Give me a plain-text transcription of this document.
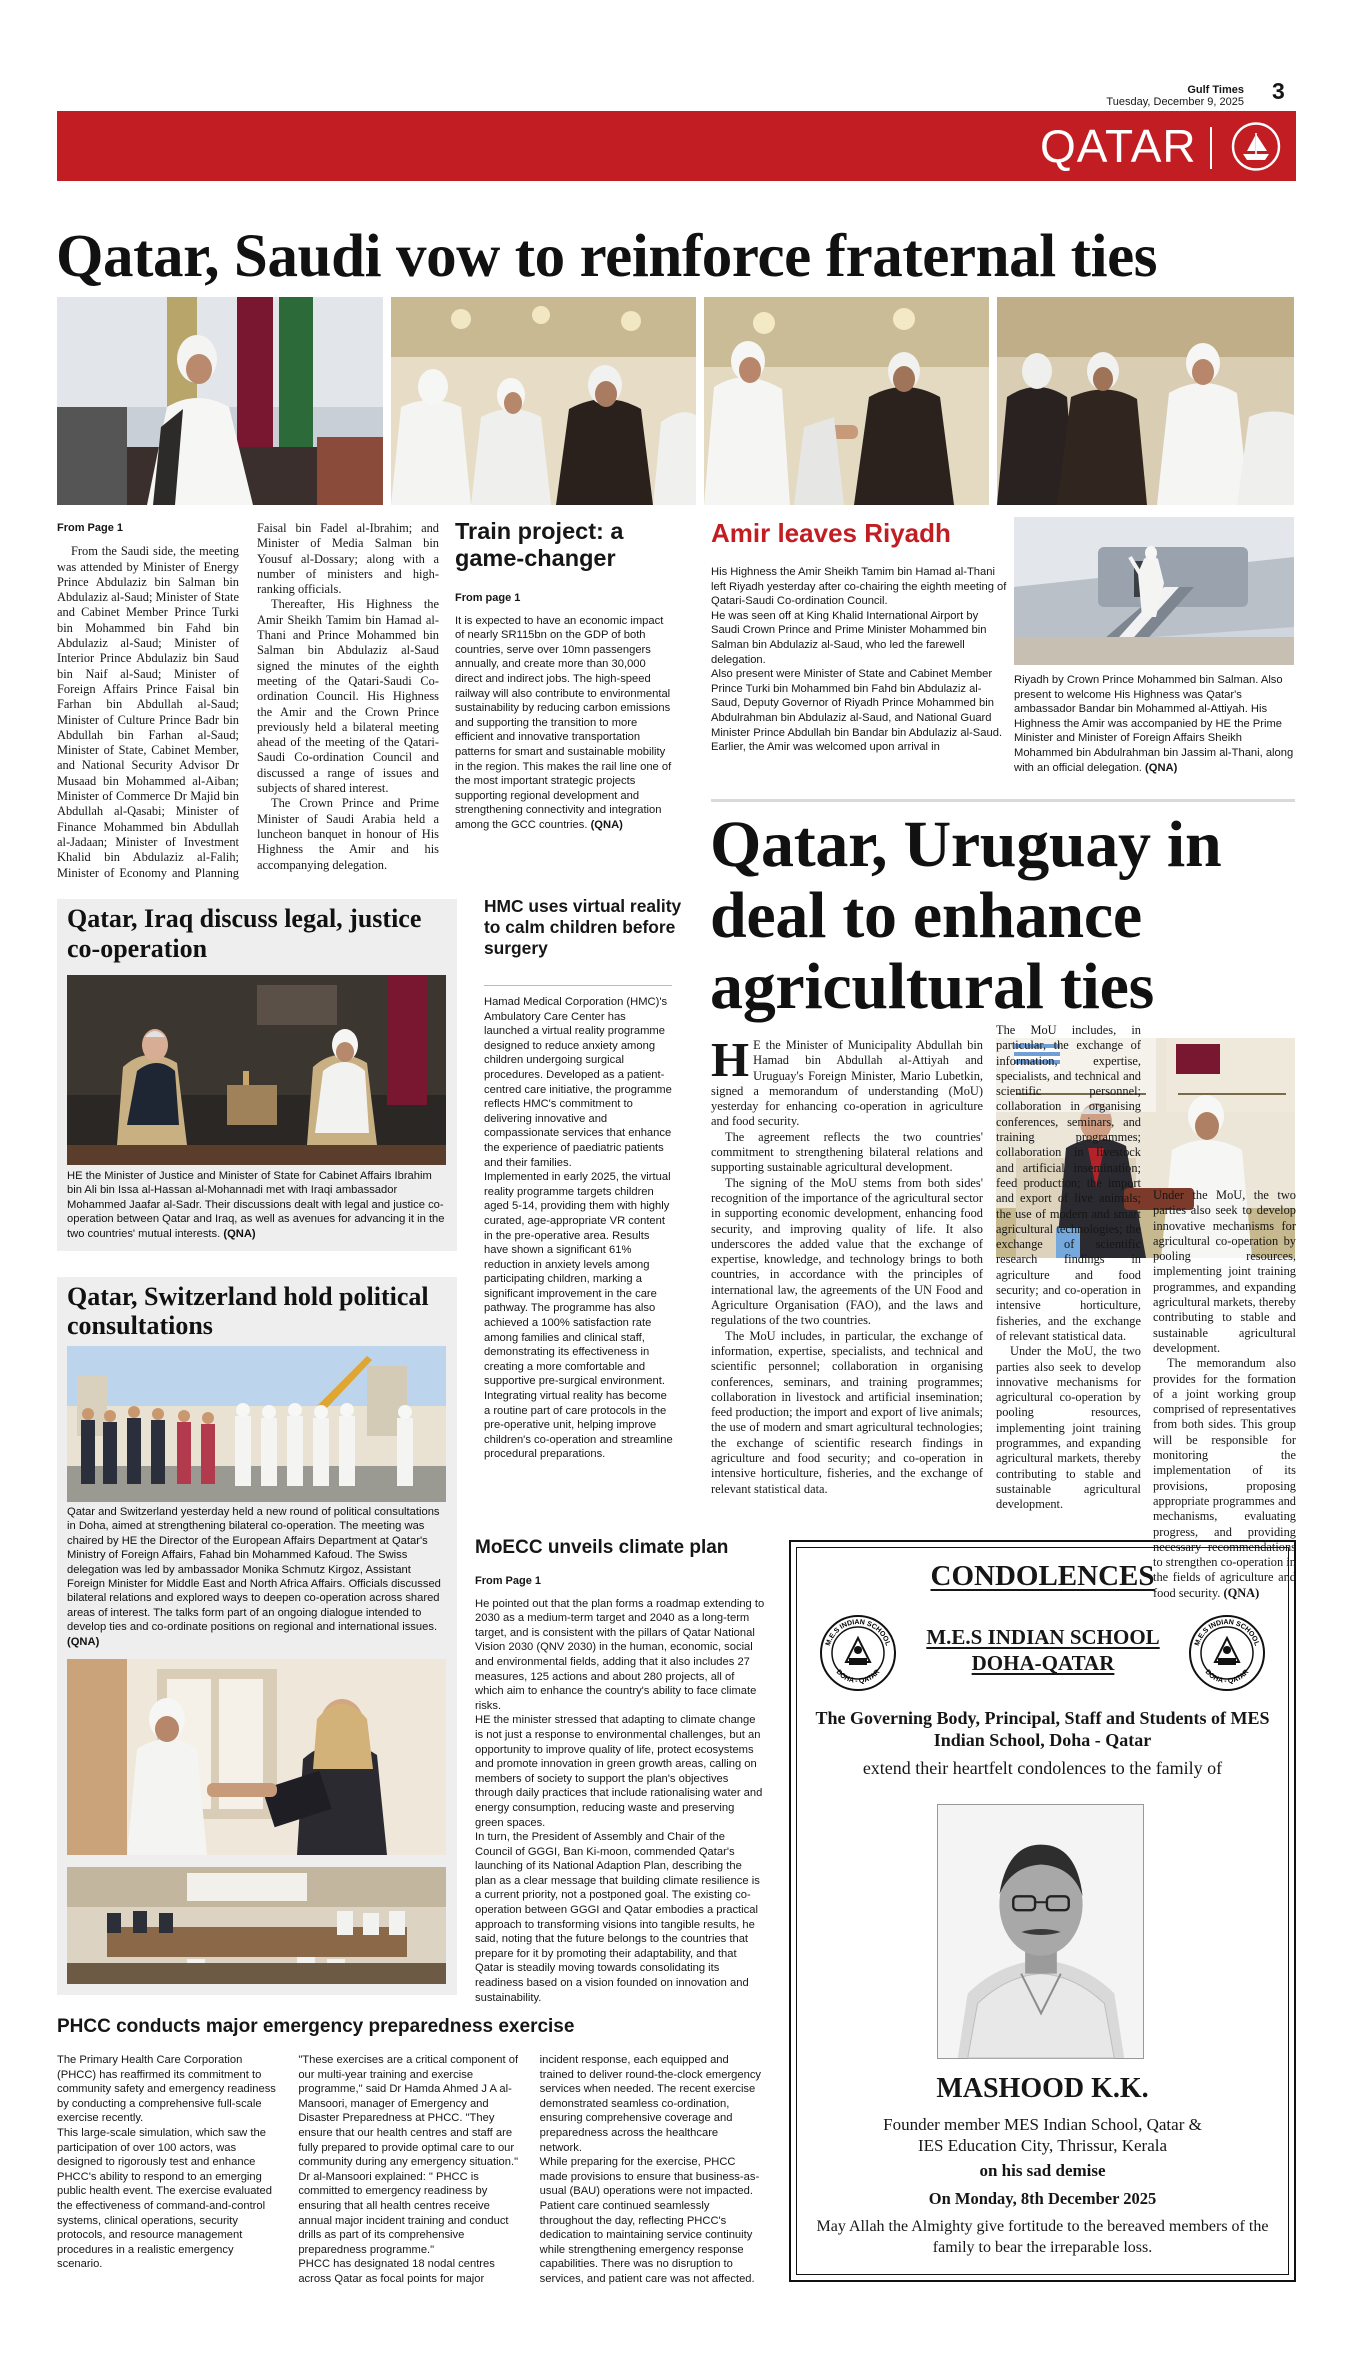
Gulf Times
Tuesday, December 9, 2025 3
QATAR
Qatar, Saudi vow to reinforce fraternal ties
From Page 1

From the Saudi side, the meeting was attended by Minister of Energy Prince Abdulaziz bin Salman bin Abdulaziz al-Saud; Minister of State and Cabinet Member Prince Turki bin Mohammed bin Fahd bin Abdulaziz al-Saud; Minister of Interior Prince Abdulaziz bin Saud bin Naif al-Saud; Minister of Foreign Affairs Prince Faisal bin Farhan bin Abdullah al-Saud; Minister of Culture Prince Badr bin Abdullah bin Farhan al-Saud; Minister of State, Cabinet Member, and National Security Advisor Dr Musaad bin Mohammed al-Aiban; Minister of Commerce Dr Majid bin Abdullah al-Qasabi; Minister of Finance Mohammed bin Abdullah al-Jadaan; Minister of Investment Khalid bin Abdulaziz al-Falih; Minister of Economy and Planning Faisal bin Fadel al-Ibrahim; and Minister of Media Salman bin Yousuf al-Dossary; along with a number of ministers and high-ranking officials.

Thereafter, His Highness the Amir Sheikh Tamim bin Hamad al-Thani and Prince Mohammed bin Salman bin Abdulaziz al-Saud signed the minutes of the eighth meeting of the Qatari-Saudi Co-ordination Council. His Highness the Amir and the Crown Prince previously held a bilateral meeting ahead of the meeting of the Qatari-Saudi Co-ordination Council and discussed a range of issues and subjects of shared interest.

The Crown Prince and Prime Minister of Saudi Arabia held a luncheon banquet in honour of His Highness the Amir and his accompanying delegation.

Train project: a game-changer
From page 1
It is expected to have an economic impact of nearly SR115bn on the GDP of both countries, serve over 10mn passengers annually, and create more than 30,000 direct and indirect jobs. The high-speed railway will also contribute to environmental sustainability by reducing carbon emissions and supporting the transition to more efficient and innovative transportation patterns for smart and sustainable mobility in the region. This makes the rail line one of the most important strategic projects supporting regional development and strengthening connectivity and integration among the GCC countries. (QNA)
Amir leaves Riyadh
His Highness the Amir Sheikh Tamim bin Hamad al-Thani left Riyadh yesterday after co-chairing the eighth meeting of Qatari-Saudi Co-ordination Council.
He was seen off at King Khalid International Airport by Saudi Crown Prince and Prime Minister Mohammed bin Salman bin Abdulaziz al-Saud, who led the farewell delegation.
Also present were Minister of State and Cabinet Member Prince Turki bin Mohammed bin Fahd bin Abdulaziz al-Saud, Deputy Governor of Riyadh Prince Mohammed bin Abdulrahman bin Abdulaziz al-Saud, and National Guard Minister Prince Abdullah bin Bandar bin Abdulaziz al-Saud.
Earlier, the Amir was welcomed upon arrival in
Riyadh by Crown Prince Mohammed bin Salman. Also present to welcome His Highness was Qatar's ambassador Bandar bin Mohammed al-Attiyah. His Highness the Amir was accompanied by HE the Prime Minister and Minister of Foreign Affairs Sheikh Mohammed bin Abdulrahman bin Jassim al-Thani, along with an official delegation. (QNA)
Qatar, Uruguay in deal to enhance agricultural ties

H E the Minister of Municipality Abdullah bin Hamad bin Abdullah al-Attiyah and Uruguay's Foreign Minister, Mario Lubetkin, signed a memorandum of understanding (MoU) yesterday for enhancing co-operation in agriculture and food security.

The agreement reflects the two countries' commitment to strengthening bilateral relations and supporting sustainable agricultural development.

The signing of the MoU stems from both sides' recognition of the importance of the agricultural sector in supporting economic development, enhancing food security, and improving quality of life. It also underscores the added value that the exchange of expertise, knowledge, and technology brings to both countries, in accordance with the principles of international law, the agreements of the UN Food and Agriculture Organisation (FAO), and the laws and regulations of the two countries.

The MoU includes, in particular, the exchange of information, expertise, specialists, and technical and scientific personnel; collaboration in organising conferences, seminars, and training programmes; collaboration in livestock and artificial insemination; feed production; the import and export of live animals; the use of modern and smart agricultural technologies; the exchange of scientific research findings in agriculture and food security; and co-operation in intensive horticulture, fisheries, and the exchange of relevant statistical data.

The MoU includes, in particular, the exchange of information, expertise, specialists, and technical and scientific personnel; collaboration in organising conferences, seminars, and training programmes; collaboration in livestock and artificial insemination; feed production; the import and export of live animals; the use of modern and smart agricultural technologies; the exchange of scientific research findings in agriculture and food security; and co-operation in intensive horticulture, fisheries, and the exchange of relevant statistical data.

Under the MoU, the two parties also seek to develop innovative mechanisms for agricultural co-operation by pooling resources, implementing joint training programmes, and expanding agricultural markets, thereby contributing to stable and sustainable agricultural development.

Under the MoU, the two parties also seek to develop innovative mechanisms for agricultural co-operation by pooling resources, implementing joint training programmes, and expanding agricultural markets, thereby contributing to stable and sustainable agricultural development.

The memorandum also provides for the formation of a joint working group comprised of representatives from both sides. This group will be responsible for monitoring the implementation of its provisions, proposing appropriate programmes and mechanisms, evaluating progress, and providing necessary recommendations to strengthen co-operation in the fields of agriculture and food security. (QNA)

Qatar, Iraq discuss legal, justice co-operation
HE the Minister of Justice and Minister of State for Cabinet Affairs Ibrahim bin Ali bin Issa al-Hassan al-Mohannadi met with Iraqi ambassador Mohammed Jaafar al-Sadr. Their discussions dealt with legal and justice co-operation between Qatar and Iraq, as well as avenues for advancing it in the two countries' mutual interests. (QNA)
HMC uses virtual reality to calm children before surgery
Hamad Medical Corporation (HMC)'s Ambulatory Care Center has launched a virtual reality programme designed to reduce anxiety among children undergoing surgical procedures. Developed as a patient-centred care initiative, the programme reflects HMC's commitment to delivering innovative and compassionate services that enhance the experience of paediatric patients and their families.
Implemented in early 2025, the virtual reality programme targets children aged 5-14, providing them with highly curated, age-appropriate VR content in the pre-operative area. Results have shown a significant 61% reduction in anxiety levels among participating children, marking a significant improvement in the care pathway. The programme has also achieved a 100% satisfaction rate among families and clinical staff, demonstrating its effectiveness in creating a more comfortable and supportive pre-surgical environment.
Integrating virtual reality has become a routine part of care protocols in the pre-operative unit, helping improve children's co-operation and streamline procedural preparations.
Qatar, Switzerland hold political consultations
Qatar and Switzerland yesterday held a new round of political consultations in Doha, aimed at strengthening bilateral co-operation. The meeting was chaired by HE the Director of the European Affairs Department at Qatar's Ministry of Foreign Affairs, Fahad bin Mohammed Kafoud. The Swiss delegation was led by ambassador Monika Schmutz Kirgoz, Assistant Foreign Minister for Middle East and North Africa Affairs. Officials discussed bilateral relations and explored ways to deepen co-operation across shared areas of interest. The talks form part of an ongoing dialogue intended to develop ties and co-ordinate positions on regional and international issues. (QNA)
MoECC unveils climate plan
From Page 1
He pointed out that the plan forms a roadmap extending to 2030 as a medium-term target and 2040 as a long-term target, and is consistent with the pillars of Qatar National Vision 2030 (QNV 2030) in the human, economic, social and environmental fields, adding that it also includes 27 measures, 125 actions and about 280 projects, all of which aim to enhance the country's ability to face climate risks.
HE the minister stressed that adapting to climate change is not just a response to environmental challenges, but an opportunity to improve quality of life, protect ecosystems and promote innovation in green growth areas, calling on members of society to support the plan's objectives through daily practices that include rationalising water and energy consumption, reducing waste and preserving green spaces.
In turn, the President of Assembly and Chair of the Council of GGGI, Ban Ki-moon, commended Qatar's launching of its National Adaption Plan, describing the plan as a clear message that building climate resilience is a current priority, not a postponed goal. The existing co-operation between GGGI and Qatar embodies a practical approach to transforming visions into tangible results, he said, noting that the future belongs to the countries that prepare for it by promoting their adaptability, and that Qatar is steadily moving towards consolidating its readiness based on a vision founded on innovation and sustainability.
PHCC conducts major emergency preparedness exercise
The Primary Health Care Corporation (PHCC) has reaffirmed its commitment to community safety and emergency readiness by conducting a comprehensive full-scale exercise recently.
This large-scale simulation, which saw the participation of over 100 actors, was designed to rigorously test and enhance PHCC's ability to respond to an emerging public health event. The exercise evaluated the effectiveness of command-and-control systems, clinical operations, security protocols, and resource management procedures in a realistic emergency scenario.
"These exercises are a critical component of our multi-year training and exercise programme," said Dr Hamda Ahmed J A al-Mansoori, manager of Emergency and Disaster Preparedness at PHCC. "They ensure that our health centres and staff are fully prepared to provide optimal care to our community during any emergency situation." Dr al-Mansoori explained: " PHCC is committed to emergency readiness by ensuring that all health centres receive annual major incident training and conduct drills as part of its comprehensive preparedness programme."
PHCC has designated 18 nodal centres across Qatar as focal points for major incident response, each equipped and trained to deliver round-the-clock emergency services when needed. The recent exercise demonstrated seamless co-ordination, ensuring comprehensive coverage and preparedness across the healthcare network.
While preparing for the exercise, PHCC made provisions to ensure that business-as-usual (BAU) operations were not impacted. Patient care continued seamlessly throughout the day, reflecting PHCC's dedication to maintaining service continuity while strengthening emergency response capabilities. There was no disruption to services, and patient care was not affected.
CONDOLENCES
M.E.S INDIAN SCHOOL
DOHA - QATAR
M.E.S INDIAN SCHOOL
DOHA - QATAR
M.E.S INDIAN SCHOOL
DOHA-QATAR
The Governing Body, Principal, Staff and Students of MES Indian School, Doha - Qatar
extend their heartfelt condolences to the family of
MASHOOD K.K.
Founder member MES Indian School, Qatar & IES Education City, Thrissur, Kerala
on his sad demise
On Monday, 8th December 2025
May Allah the Almighty give fortitude to the bereaved members of the family to bear the irreparable loss.
